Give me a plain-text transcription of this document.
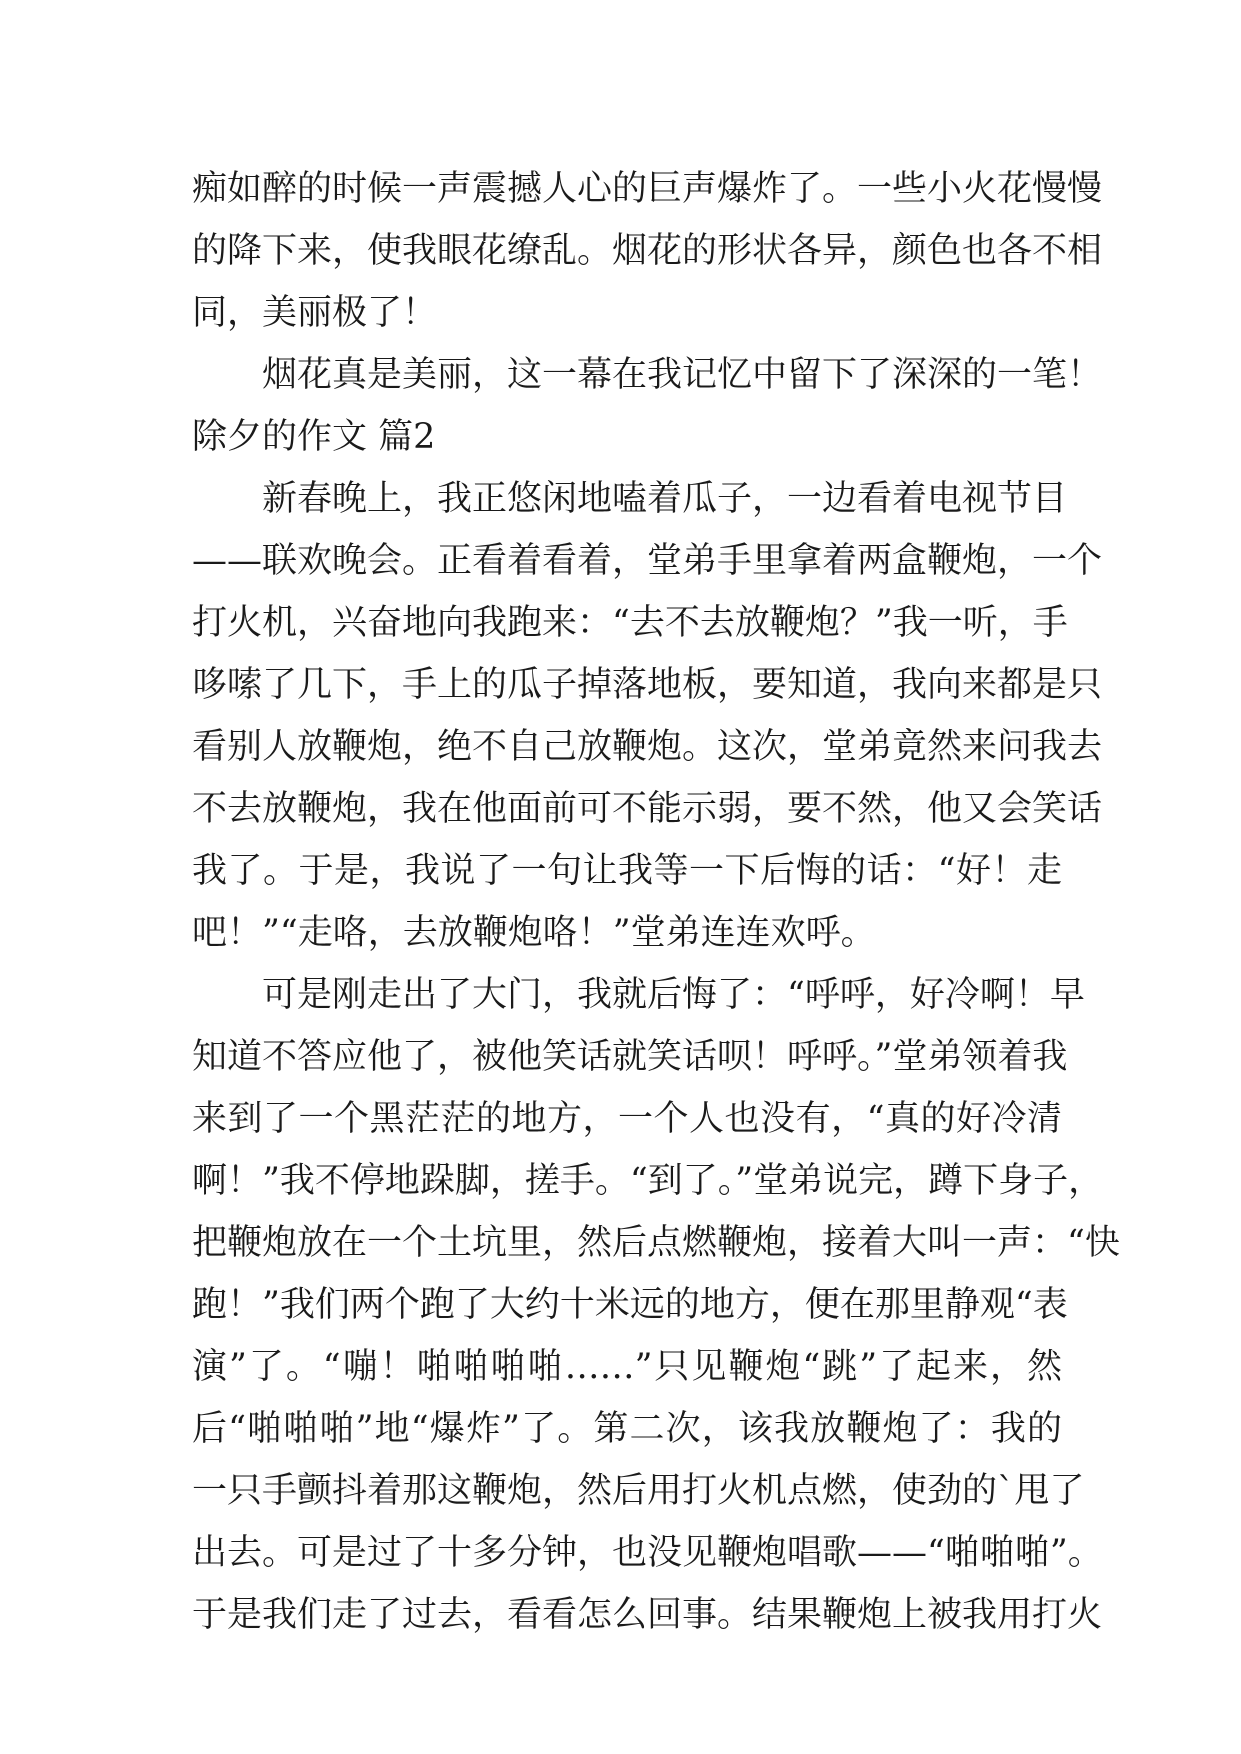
痴如醉的时候一声震撼人心的巨声爆炸了。一些小火花慢慢
的降下来，使我眼花缭乱。烟花的形状各异，颜色也各不相
同，美丽极了！
烟花真是美丽，这一幕在我记忆中留下了深深的一笔！
除夕的作文 篇2
新春晚上，我正悠闲地嗑着瓜子，一边看着电视节目
——联欢晚会。正看着看着，堂弟手里拿着两盒鞭炮，一个
打火机，兴奋地向我跑来：“去不去放鞭炮？”我一听，手
哆嗦了几下，手上的瓜子掉落地板，要知道，我向来都是只
看别人放鞭炮，绝不自己放鞭炮。这次，堂弟竟然来问我去
不去放鞭炮，我在他面前可不能示弱，要不然，他又会笑话
我了。于是，我说了一句让我等一下后悔的话：“好！走
吧！”“走咯，去放鞭炮咯！”堂弟连连欢呼。
可是刚走出了大门，我就后悔了：“呼呼，好冷啊！早
知道不答应他了，被他笑话就笑话呗！呼呼。”堂弟领着我
来到了一个黑茫茫的地方，一个人也没有，“真的好冷清
啊！”我不停地跺脚，搓手。“到了。”堂弟说完，蹲下身子，
把鞭炮放在一个土坑里，然后点燃鞭炮，接着大叫一声：“快
跑！”我们两个跑了大约十米远的地方，便在那里静观“表
演”了。“嘣！啪啪啪啪……”只见鞭炮“跳”了起来，然
后“啪啪啪”地“爆炸”了。第二次，该我放鞭炮了：我的
一只手颤抖着那这鞭炮，然后用打火机点燃，使劲的`甩了
出去。可是过了十多分钟，也没见鞭炮唱歌——“啪啪啪”。
于是我们走了过去，看看怎么回事。结果鞭炮上被我用打火
